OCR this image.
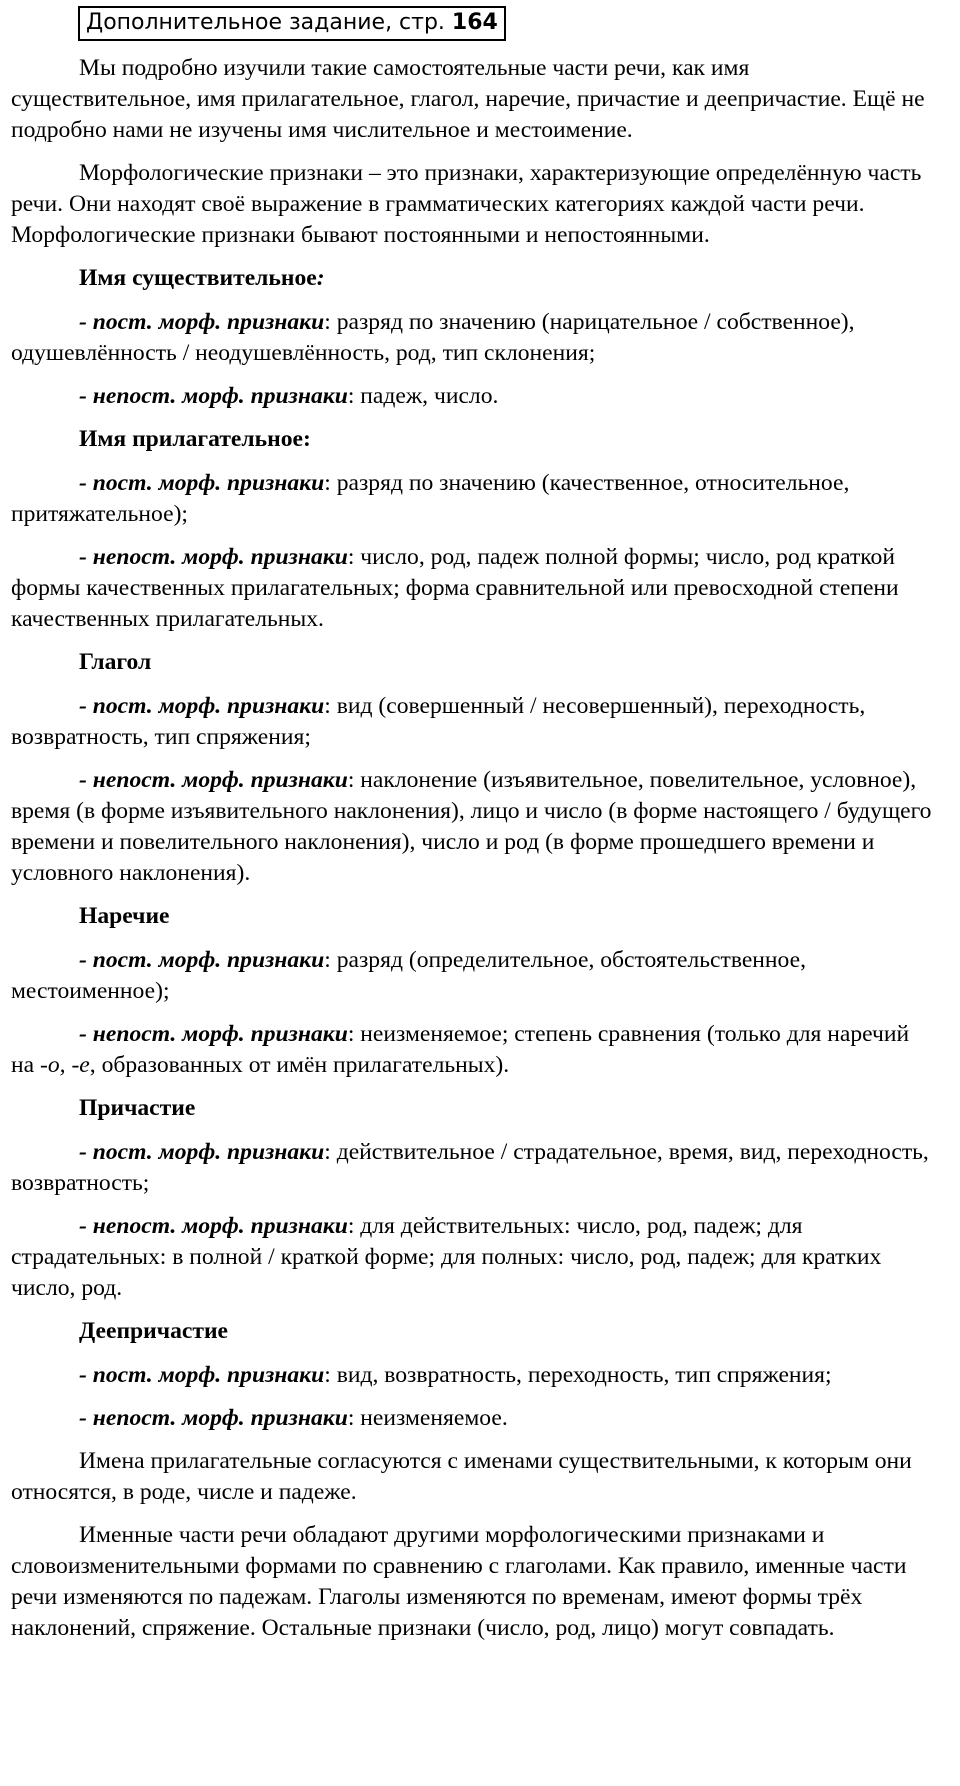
Дополнительное задание, стр. 164

Мы подробно изучили такие самостоятельные части речи, как имя существительное, имя прилагательное, глагол, наречие, причастие и деепричастие. Ещё не подробно нами не изучены имя числительное и местоимение.

Морфологические признаки – это признаки, характеризующие определённую часть речи. Они находят своё выражение в грамматических категориях каждой части речи. Морфологические признаки бывают постоянными и непостоянными.

Имя существительное:

- пост. морф. признаки: разряд по значению (нарицательное / собственное), одушевлённость / неодушевлённость, род, тип склонения;

- непост. морф. признаки: падеж, число.

Имя прилагательное:

- пост. морф. признаки: разряд по значению (качественное, относительное, притяжательное);

- непост. морф. признаки: число, род, падеж полной формы; число, род краткой формы качественных прилагательных; форма сравнительной или превосходной степени качественных прилагательных.

Глагол

- пост. морф. признаки: вид (совершенный / несовершенный), переходность, возвратность, тип спряжения;

- непост. морф. признаки: наклонение (изъявительное, повелительное, условное), время (в форме изъявительного наклонения), лицо и число (в форме настоящего / будущего времени и повелительного наклонения), число и род (в форме прошедшего времени и условного наклонения).

Наречие

- пост. морф. признаки: разряд (определительное, обстоятельственное, местоименное);

- непост. морф. признаки: неизменяемое; степень сравнения (только для наречий на -о, -е, образованных от имён прилагательных).

Причастие

- пост. морф. признаки: действительное / страдательное, время, вид, переходность, возвратность;

- непост. морф. признаки: для действительных: число, род, падеж; для страдательных: в полной / краткой форме; для полных: число, род, падеж; для кратких число, род.

Деепричастие

- пост. морф. признаки: вид, возвратность, переходность, тип спряжения;

- непост. морф. признаки: неизменяемое.

Имена прилагательные согласуются с именами существительными, к которым они относятся, в роде, числе и падеже.

Именные части речи обладают другими морфологическими признаками и словоизменительными формами по сравнению с глаголами. Как правило, именные части речи изменяются по падежам. Глаголы изменяются по временам, имеют формы трёх наклонений, спряжение. Остальные признаки (число, род, лицо) могут совпадать.
